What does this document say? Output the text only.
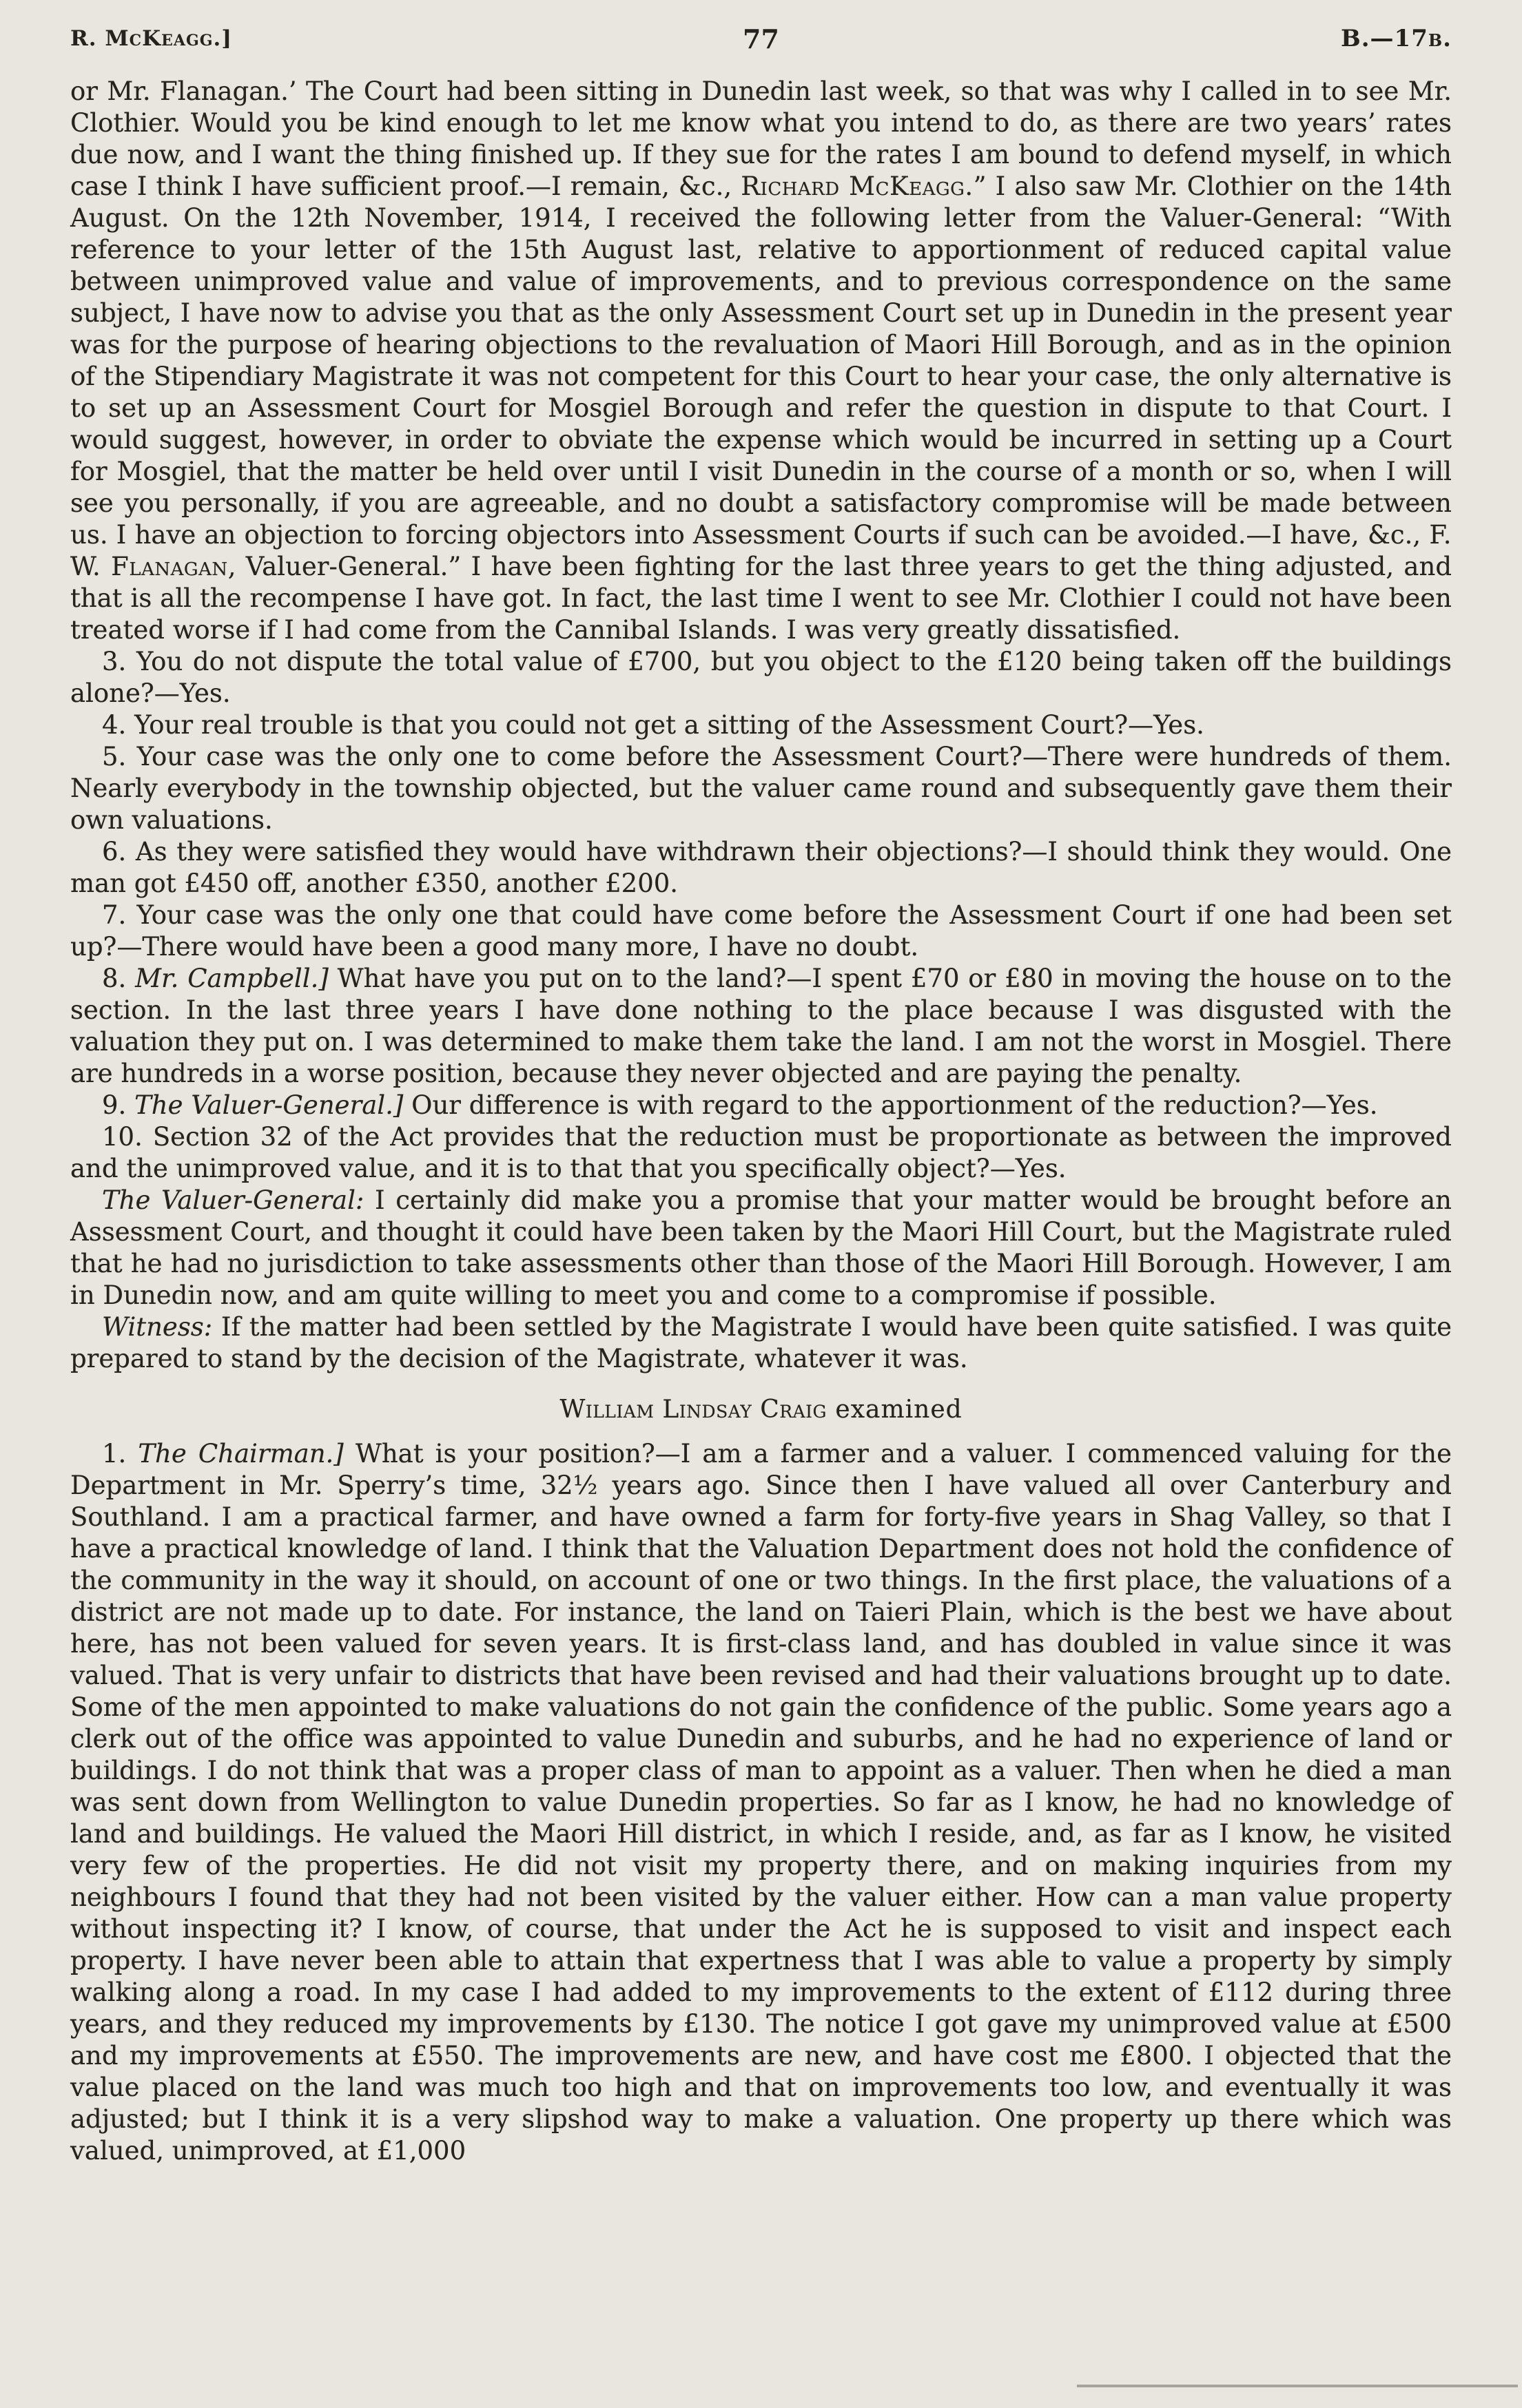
R. McKeagg.]	77	B.—17b.

or Mr. Flanagan.’ The Court had been sitting in Dunedin last week, so that was why I called in to see Mr. Clothier. Would you be kind enough to let me know what you intend to do, as there are two years’ rates due now, and I want the thing finished up. If they sue for the rates I am bound to defend myself, in which case I think I have sufficient proof.—I remain, &c., Richard McKeagg.” I also saw Mr. Clothier on the 14th August. On the 12th November, 1914, I received the following letter from the Valuer-General: “With reference to your letter of the 15th August last, relative to apportionment of reduced capital value between unimproved value and value of improvements, and to previous correspondence on the same subject, I have now to advise you that as the only Assessment Court set up in Dunedin in the present year was for the purpose of hearing objections to the revaluation of Maori Hill Borough, and as in the opinion of the Stipendiary Magistrate it was not competent for this Court to hear your case, the only alternative is to set up an Assessment Court for Mosgiel Borough and refer the question in dispute to that Court. I would suggest, however, in order to obviate the expense which would be incurred in setting up a Court for Mosgiel, that the matter be held over until I visit Dunedin in the course of a month or so, when I will see you personally, if you are agreeable, and no doubt a satisfactory compromise will be made between us. I have an objection to forcing objectors into Assessment Courts if such can be avoided.—I have, &c., F. W. Flanagan, Valuer-General.” I have been fighting for the last three years to get the thing adjusted, and that is all the recompense I have got. In fact, the last time I went to see Mr. Clothier I could not have been treated worse if I had come from the Cannibal Islands. I was very greatly dissatisfied.

3. You do not dispute the total value of £700, but you object to the £120 being taken off the buildings alone?—Yes.

4. Your real trouble is that you could not get a sitting of the Assessment Court?—Yes.

5. Your case was the only one to come before the Assessment Court?—There were hundreds of them. Nearly everybody in the township objected, but the valuer came round and subsequently gave them their own valuations.

6. As they were satisfied they would have withdrawn their objections?—I should think they would. One man got £450 off, another £350, another £200.

7. Your case was the only one that could have come before the Assessment Court if one had been set up?—There would have been a good many more, I have no doubt.

8. Mr. Campbell.] What have you put on to the land?—I spent £70 or £80 in moving the house on to the section. In the last three years I have done nothing to the place because I was disgusted with the valuation they put on. I was determined to make them take the land. I am not the worst in Mosgiel. There are hundreds in a worse position, because they never objected and are paying the penalty.

9. The Valuer-General.] Our difference is with regard to the apportionment of the reduction?—Yes.

10. Section 32 of the Act provides that the reduction must be proportionate as between the improved and the unimproved value, and it is to that that you specifically object?—Yes.

The Valuer-General: I certainly did make you a promise that your matter would be brought before an Assessment Court, and thought it could have been taken by the Maori Hill Court, but the Magistrate ruled that he had no jurisdiction to take assessments other than those of the Maori Hill Borough. However, I am in Dunedin now, and am quite willing to meet you and come to a compromise if possible.

Witness: If the matter had been settled by the Magistrate I would have been quite satisfied. I was quite prepared to stand by the decision of the Magistrate, whatever it was.

William Lindsay Craig examined

1. The Chairman.] What is your position?—I am a farmer and a valuer. I commenced valuing for the Department in Mr. Sperry’s time, 32½ years ago. Since then I have valued all over Canterbury and Southland. I am a practical farmer, and have owned a farm for forty-five years in Shag Valley, so that I have a practical knowledge of land. I think that the Valuation Department does not hold the confidence of the community in the way it should, on account of one or two things. In the first place, the valuations of a district are not made up to date. For instance, the land on Taieri Plain, which is the best we have about here, has not been valued for seven years. It is first-class land, and has doubled in value since it was valued. That is very unfair to districts that have been revised and had their valuations brought up to date. Some of the men appointed to make valuations do not gain the confidence of the public. Some years ago a clerk out of the office was appointed to value Dunedin and suburbs, and he had no experience of land or buildings. I do not think that was a proper class of man to appoint as a valuer. Then when he died a man was sent down from Wellington to value Dunedin properties. So far as I know, he had no knowledge of land and buildings. He valued the Maori Hill district, in which I reside, and, as far as I know, he visited very few of the properties. He did not visit my property there, and on making inquiries from my neighbours I found that they had not been visited by the valuer either. How can a man value property without inspecting it? I know, of course, that under the Act he is supposed to visit and inspect each property. I have never been able to attain that expertness that I was able to value a property by simply walking along a road. In my case I had added to my improvements to the extent of £112 during three years, and they reduced my improvements by £130. The notice I got gave my unimproved value at £500 and my improvements at £550. The improvements are new, and have cost me £800. I objected that the value placed on the land was much too high and that on improvements too low, and eventually it was adjusted; but I think it is a very slipshod way to make a valuation. One property up there which was valued, unimproved, at £1,000
